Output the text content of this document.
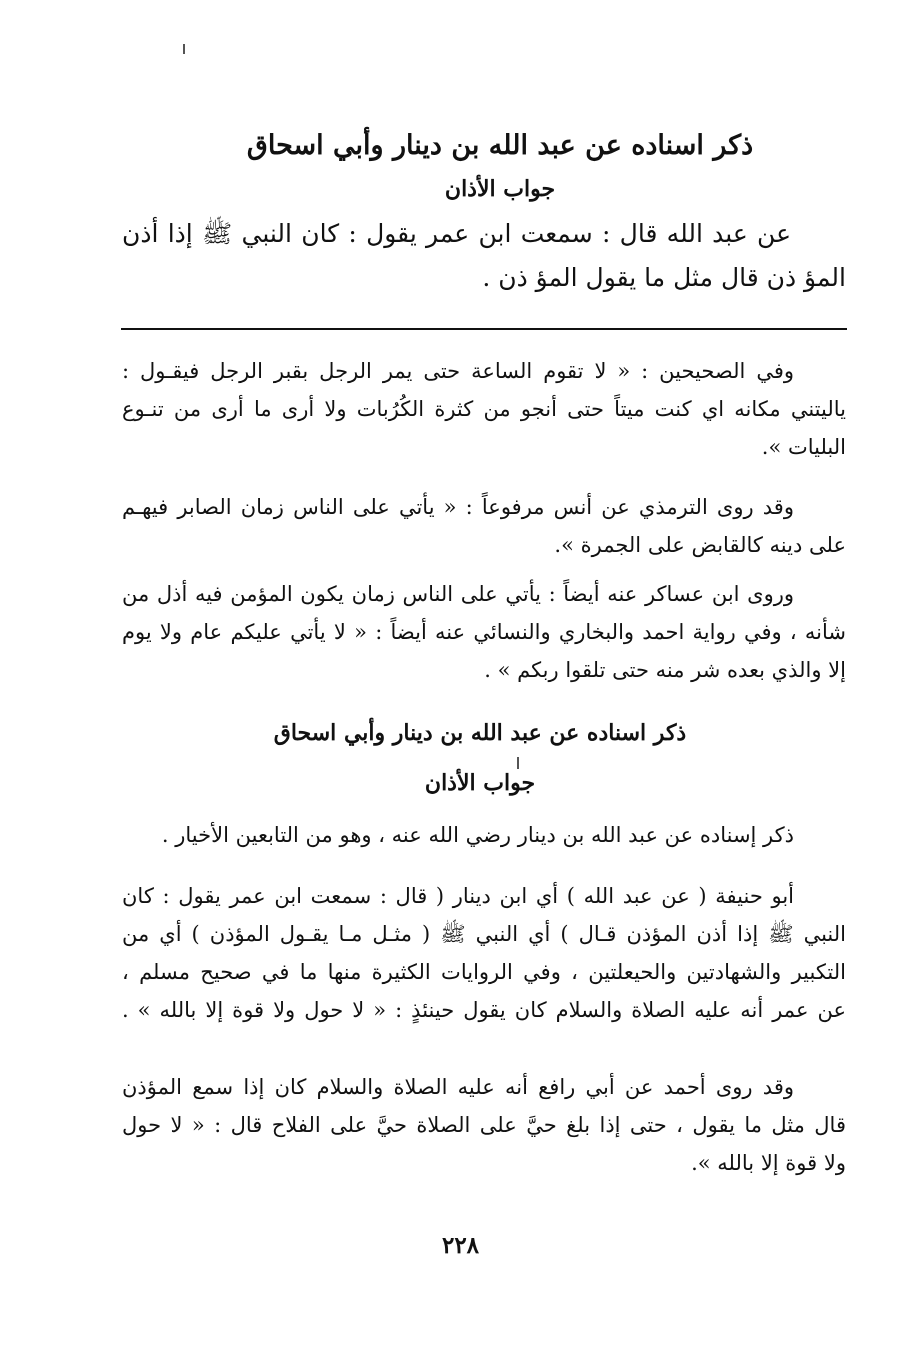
ذكر اسناده عن عبد الله بن دينار وأبي اسحاق
جواب الأذان
عن عبد الله قال : سمعت ابن عمر يقول : كان النبي ﷺ إذا أذن
المؤ ذن قال مثل ما يقول المؤ ذن .
وفي الصحيحين : « لا تقوم الساعة حتى يمر الرجل بقبر الرجل فيقـول :
ياليتني مكانه اي كنت ميتاً حتى أنجو من كثرة الكُرُبات ولا أرى ما أرى من تنـوع
البليات ».
وقد روى الترمذي عن أنس مرفوعاً : « يأتي على الناس زمان الصابر فيهـم
على دينه كالقابض على الجمرة ».
وروى ابن عساكر عنه أيضاً : يأتي على الناس زمان يكون المؤمن فيه أذل من
شأنه ، وفي رواية احمد والبخاري والنسائي عنه أيضاً : « لا يأتي عليكم عام ولا يوم
إلا والذي بعده شر منه حتى تلقوا ربكم » .
ذكر اسناده عن عبد الله بن دينار وأبي اسحاق
جواب الأذان
ذكر إسناده عن عبد الله بن دينار رضي الله عنه ، وهو من التابعين الأخيار .
أبو حنيفة ( عن عبد الله ) أي ابن دينار ( قال : سمعت ابن عمر يقول : كان
النبي ﷺ إذا أذن المؤذن قـال ) أي النبي ﷺ ( مثـل مـا يقـول المؤذن ) أي من
التكبير والشهادتين والحيعلتين ، وفي الروايات الكثيرة منها ما في صحيح مسلم ،
عن عمر أنه عليه الصلاة والسلام كان يقول حينئذٍ : « لا حول ولا قوة إلا بالله » .
وقد روى أحمد عن أبي رافع أنه عليه الصلاة والسلام كان إذا سمع المؤذن
قال مثل ما يقول ، حتى إذا بلغ حيَّ على الصلاة حيَّ على الفلاح قال : « لا حول
ولا قوة إلا بالله ».
٢٢٨
